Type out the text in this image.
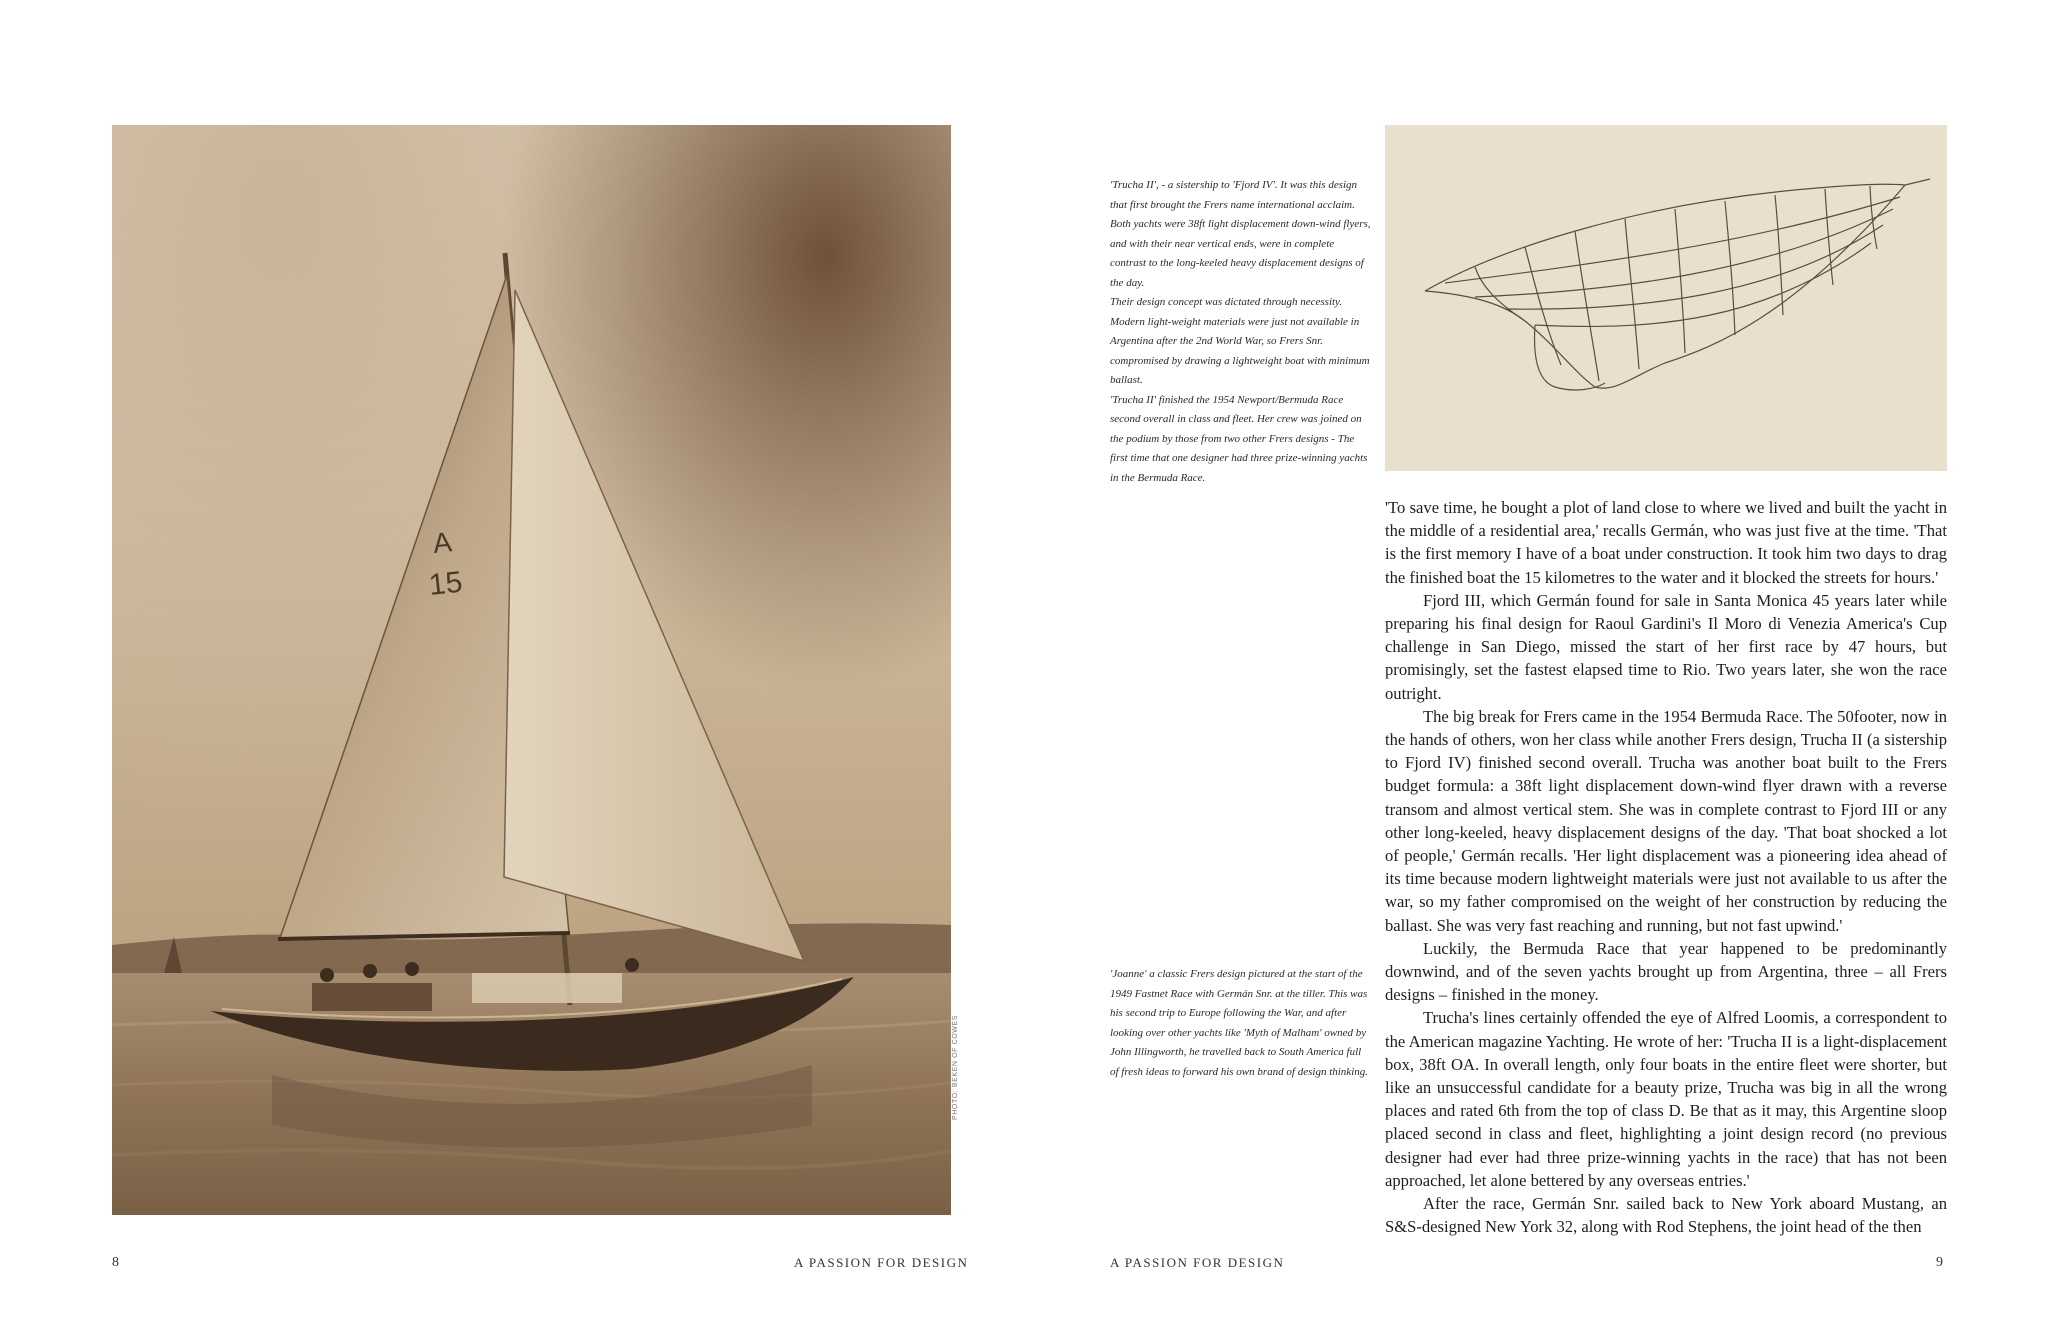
A
15
PHOTO: BEKEN OF COWES
8	A PASSION FOR DESIGN

'Trucha II', - a sistership to 'Fjord IV'. It was this design that first brought the Frers name international acclaim. Both yachts were 38ft light displacement down-wind flyers, and with their near vertical ends, were in complete contrast to the long-keeled heavy displacement designs of the day.

Their design concept was dictated through necessity. Modern light-weight materials were just not available in Argentina after the 2nd World War, so Frers Snr. compromised by drawing a lightweight boat with minimum ballast.

'Trucha II' finished the 1954 Newport/Bermuda Race second overall in class and fleet. Her crew was joined on the podium by those from two other Frers designs - The first time that one designer had three prize-winning yachts in the Bermuda Race.

'Joanne' a classic Frers design pictured at the start of the 1949 Fastnet Race with Germán Snr. at the tiller. This was his second trip to Europe following the War, and after looking over other yachts like 'Myth of Malham' owned by John Illingworth, he travelled back to South America full of fresh ideas to forward his own brand of design thinking.

'To save time, he bought a plot of land close to where we lived and built the yacht in the middle of a residential area,' recalls Germán, who was just five at the time. 'That is the first memory I have of a boat under construction. It took him two days to drag the finished boat the 15 kilometres to the water and it blocked the streets for hours.'

Fjord III, which Germán found for sale in Santa Monica 45 years later while preparing his final design for Raoul Gardini's Il Moro di Venezia America's Cup challenge in San Diego, missed the start of her first race by 47 hours, but promisingly, set the fastest elapsed time to Rio. Two years later, she won the race outright.

The big break for Frers came in the 1954 Bermuda Race. The 50footer, now in the hands of others, won her class while another Frers design, Trucha II (a sistership to Fjord IV) finished second overall. Trucha was another boat built to the Frers budget formula: a 38ft light displacement down-wind flyer drawn with a reverse transom and almost vertical stem. She was in complete contrast to Fjord III or any other long-keeled, heavy displacement designs of the day. 'That boat shocked a lot of people,' Germán recalls. 'Her light displacement was a pioneering idea ahead of its time because modern lightweight materials were just not available to us after the war, so my father compromised on the weight of her construction by reducing the ballast. She was very fast reaching and running, but not fast upwind.'

Luckily, the Bermuda Race that year happened to be predominantly downwind, and of the seven yachts brought up from Argentina, three – all Frers designs – finished in the money.

Trucha's lines certainly offended the eye of Alfred Loomis, a correspondent to the American magazine Yachting. He wrote of her: 'Trucha II is a light-displacement box, 38ft OA. In overall length, only four boats in the entire fleet were shorter, but like an unsuccessful candidate for a beauty prize, Trucha was big in all the wrong places and rated 6th from the top of class D. Be that as it may, this Argentine sloop placed second in class and fleet, highlighting a joint design record (no previous designer had ever had three prize-winning yachts in the race) that has not been approached, let alone bettered by any overseas entries.'

After the race, Germán Snr. sailed back to New York aboard Mustang, an S&S-designed New York 32, along with Rod Stephens, the joint head of the then

A PASSION FOR DESIGN	9
